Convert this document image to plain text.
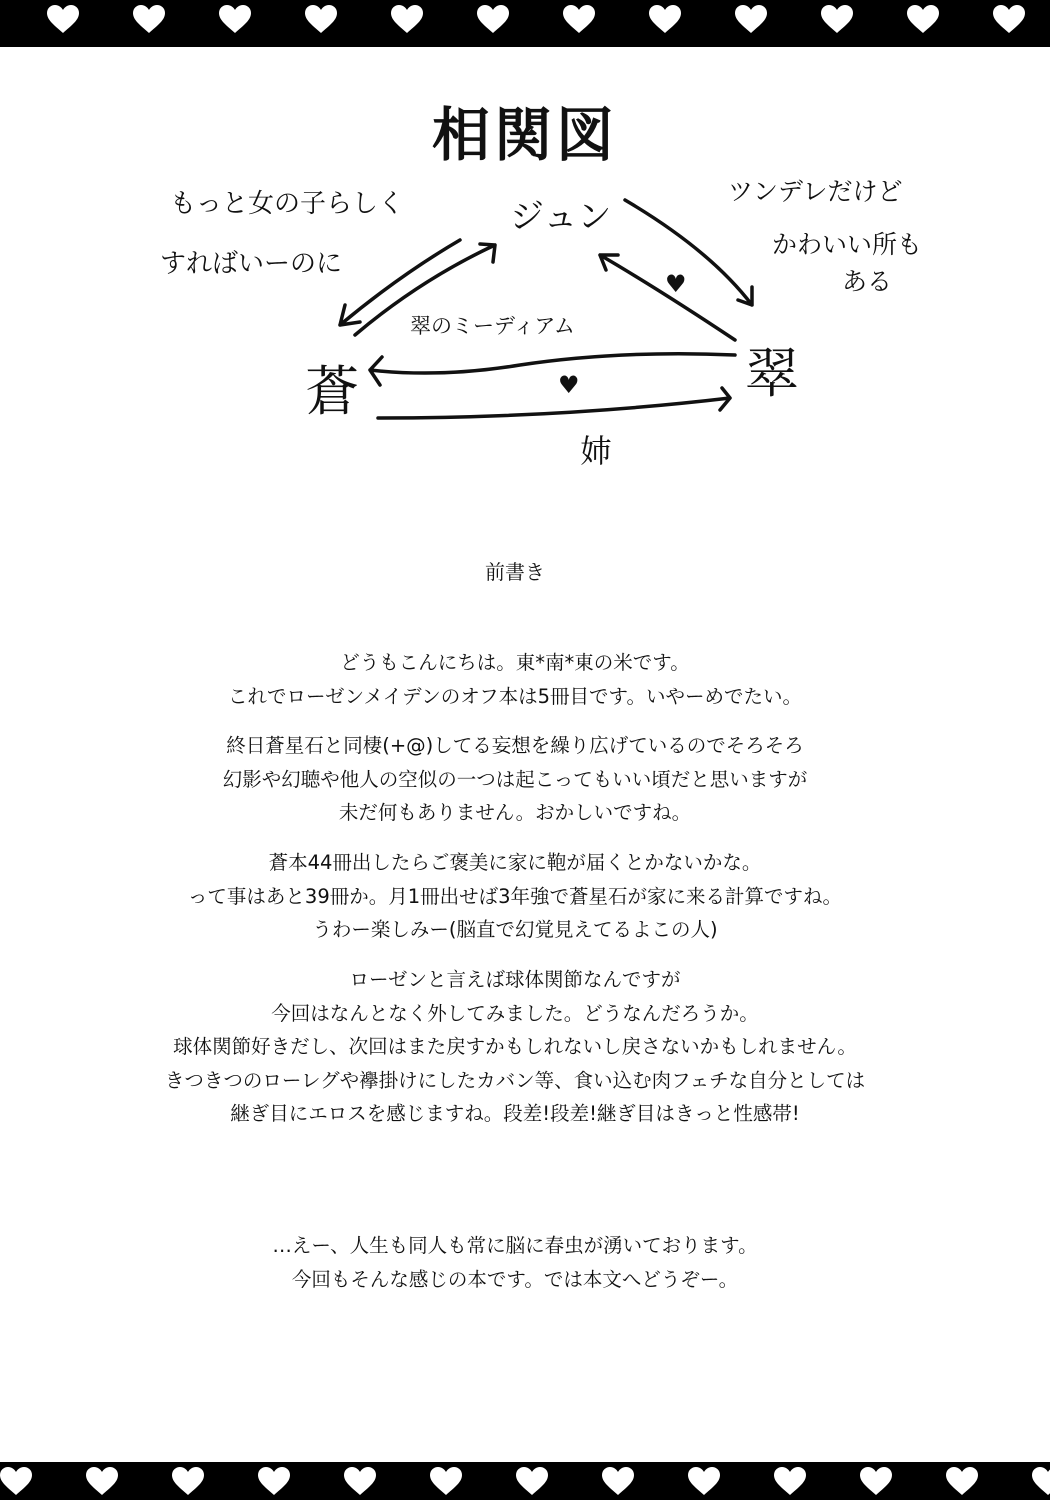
相関図
ジュン
蒼	翠
もっと女の子らしく
すればいーのに
ツンデレだけど
かわいい所も
ある
翠のミーディアム
姉
♥
♥
前書き
どうもこんにちは。東*南*東の米です。
これでローゼンメイデンのオフ本は5冊目です。いやーめでたい。
終日蒼星石と同棲(+@)してる妄想を繰り広げているのでそろそろ
幻影や幻聴や他人の空似の一つは起こってもいい頃だと思いますが
未だ何もありません。おかしいですね。
蒼本44冊出したらご褒美に家に鞄が届くとかないかな。
って事はあと39冊か。月1冊出せば3年強で蒼星石が家に来る計算ですね。
うわー楽しみー(脳直で幻覚見えてるよこの人)
ローゼンと言えば球体関節なんですが
今回はなんとなく外してみました。どうなんだろうか。
球体関節好きだし、次回はまた戻すかもしれないし戻さないかもしれません。
きつきつのローレグや襷掛けにしたカバン等、食い込む肉フェチな自分としては
継ぎ目にエロスを感じますね。段差!段差!継ぎ目はきっと性感帯!
…えー、人生も同人も常に脳に春虫が湧いております。
今回もそんな感じの本です。では本文へどうぞー。
